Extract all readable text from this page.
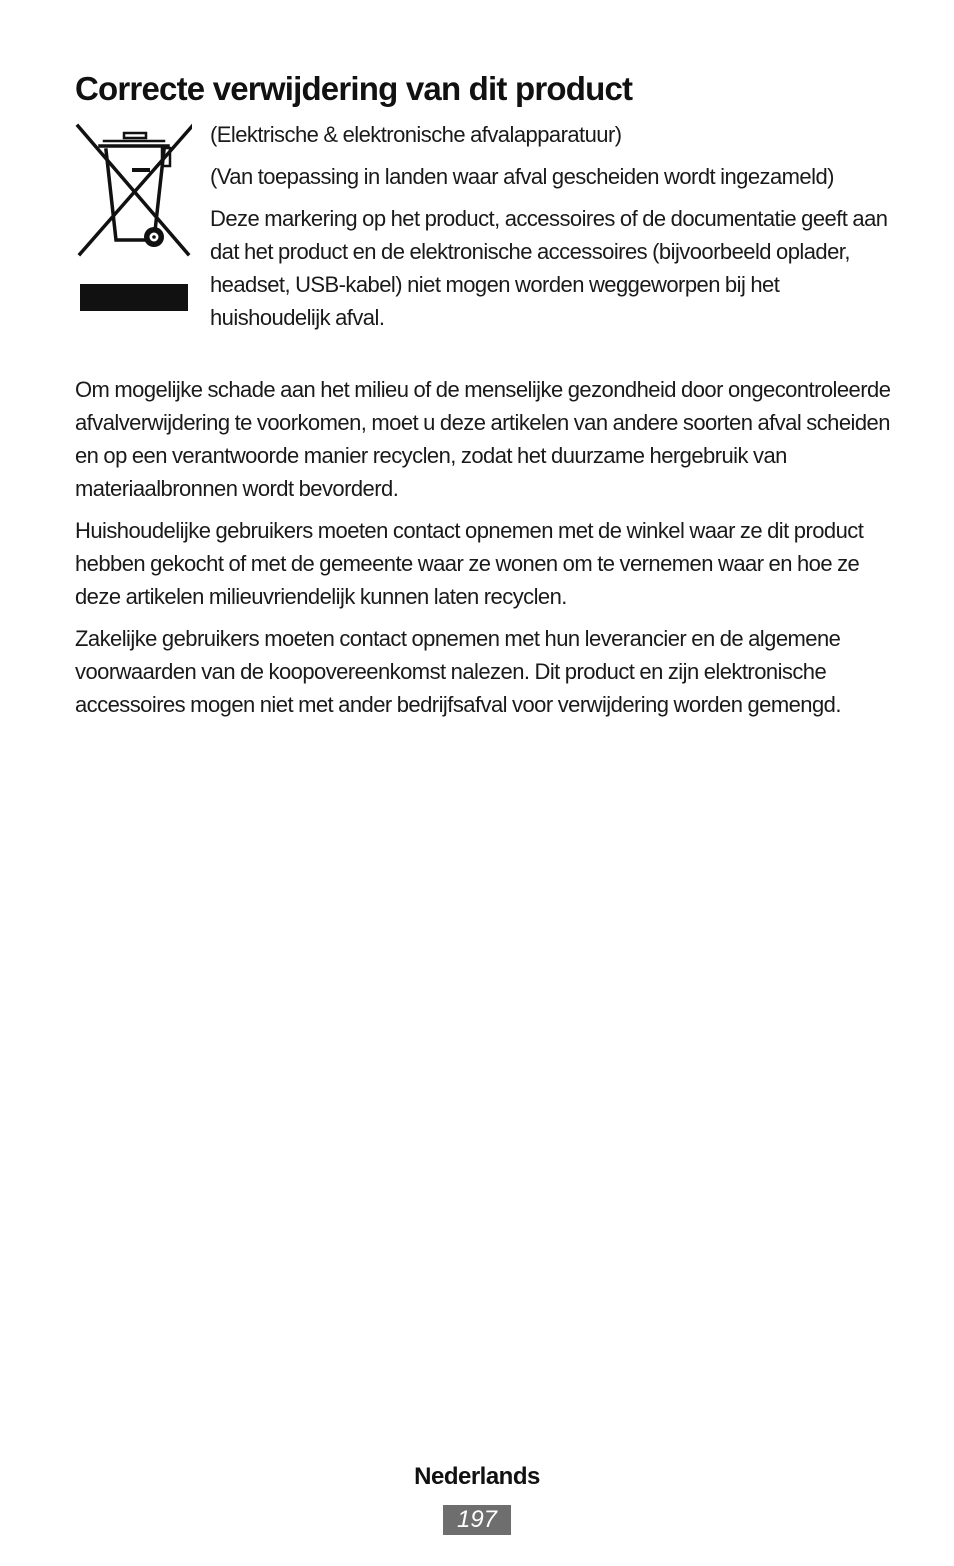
Correcte verwijdering van dit product

(Elektrische & elektronische afvalapparatuur)

(Van toepassing in landen waar afval gescheiden wordt ingezameld)

Deze markering op het product, accessoires of de documentatie geeft aan dat het product en de elektronische accessoires (bijvoorbeeld oplader, headset, USB-kabel) niet mogen worden weggeworpen bij het huishoudelijk afval.

Om mogelijke schade aan het milieu of de menselijke gezondheid door ongecontroleerde afvalverwijdering te voorkomen, moet u deze artikelen van andere soorten afval scheiden en op een verantwoorde manier recyclen, zodat het duurzame hergebruik van materiaalbronnen wordt bevorderd.

Huishoudelijke gebruikers moeten contact opnemen met de winkel waar ze dit product hebben gekocht of met de gemeente waar ze wonen om te vernemen waar en hoe ze deze artikelen milieuvriendelijk kunnen laten recyclen.

Zakelijke gebruikers moeten contact opnemen met hun leverancier en de algemene voorwaarden van de koopovereenkomst nalezen. Dit product en zijn elektronische accessoires mogen niet met ander bedrijfsafval voor verwijdering worden gemengd.

Nederlands
197
